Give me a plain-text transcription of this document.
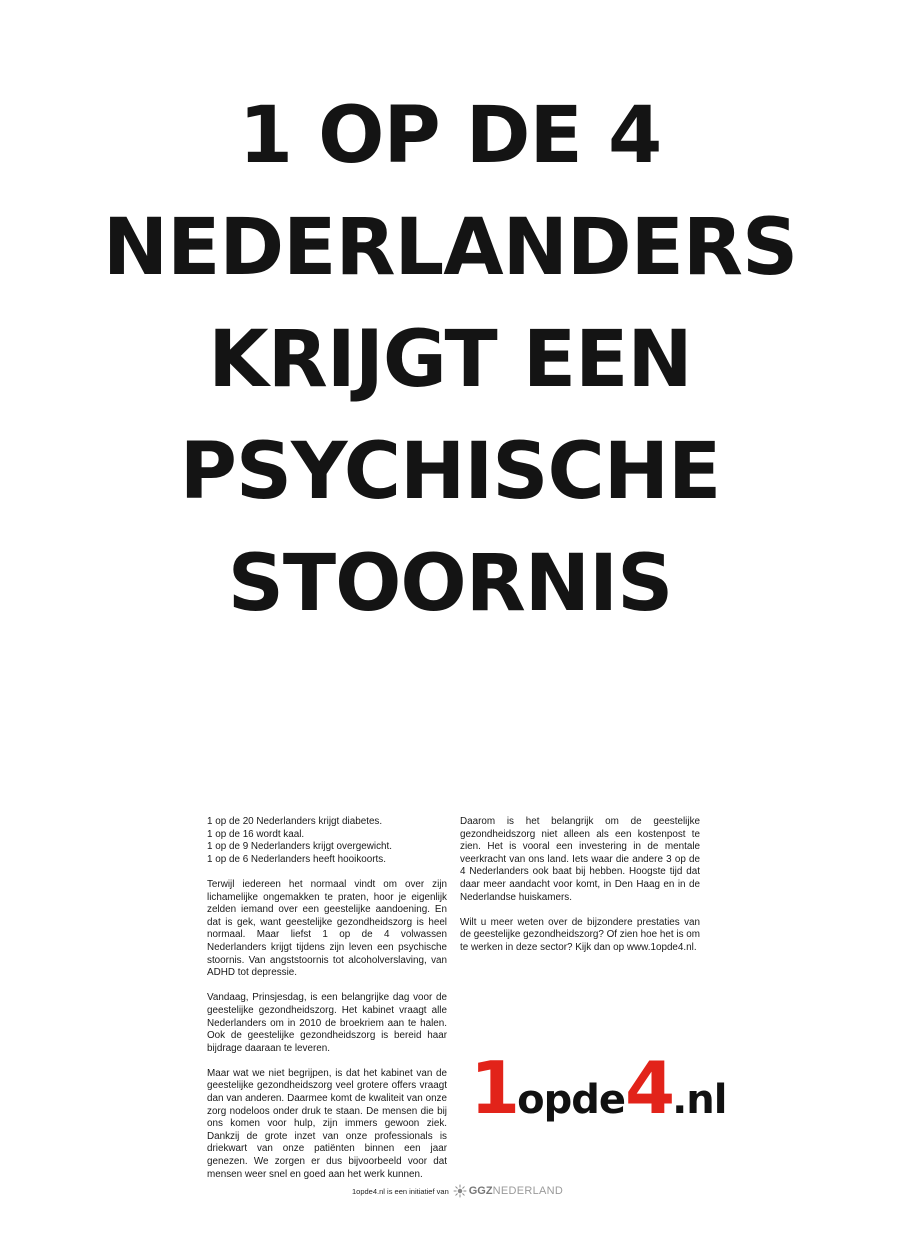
1 OP DE 4
NEDERLANDERS
KRIJGT EEN
PSYCHISCHE
STOORNIS

1 op de 20 Nederlanders krijgt diabetes.
1 op de 16 wordt kaal.
1 op de 9 Nederlanders krijgt overgewicht.
1 op de 6 Nederlanders heeft hooikoorts.

Terwijl iedereen het normaal vindt om over zijn lichamelijke ongemakken te praten, hoor je eigenlijk zelden iemand over een geestelijke aandoening. En dat is gek, want geestelijke gezondheidszorg is heel normaal. Maar liefst 1 op de 4 volwassen Nederlanders krijgt tijdens zijn leven een psychische stoornis. Van angststoornis tot alcoholverslaving, van ADHD tot depressie.

Vandaag, Prinsjesdag, is een belangrijke dag voor de geestelijke gezondheidszorg. Het kabinet vraagt alle Nederlanders om in 2010 de broekriem aan te halen. Ook de geestelijke gezondheidszorg is bereid haar bijdrage daaraan te leveren.

Maar wat we niet begrijpen, is dat het kabinet van de geestelijke gezondheidszorg veel grotere offers vraagt dan van anderen. Daarmee komt de kwaliteit van onze zorg nodeloos onder druk te staan. De mensen die bij ons komen voor hulp, zijn immers gewoon ziek. Dankzij de grote inzet van onze professionals is driekwart van onze patiënten binnen een jaar genezen. We zorgen er dus bijvoorbeeld voor dat mensen weer snel en goed aan het werk kunnen.

Daarom is het belangrijk om de geestelijke gezondheidszorg niet alleen als een kostenpost te zien. Het is vooral een investering in de mentale veerkracht van ons land. Iets waar die andere 3 op de 4 Nederlanders ook baat bij hebben. Hoogste tijd dat daar meer aandacht voor komt, in Den Haag en in de Nederlandse huiskamers.

Wilt u meer weten over de bijzondere prestaties van de geestelijke gezondheidszorg? Of zien hoe het is om te werken in deze sector? Kijk dan op www.1opde4.nl.

1opde4.nl
1opde4.nl is een initiatief van GGZ NEDERLAND
